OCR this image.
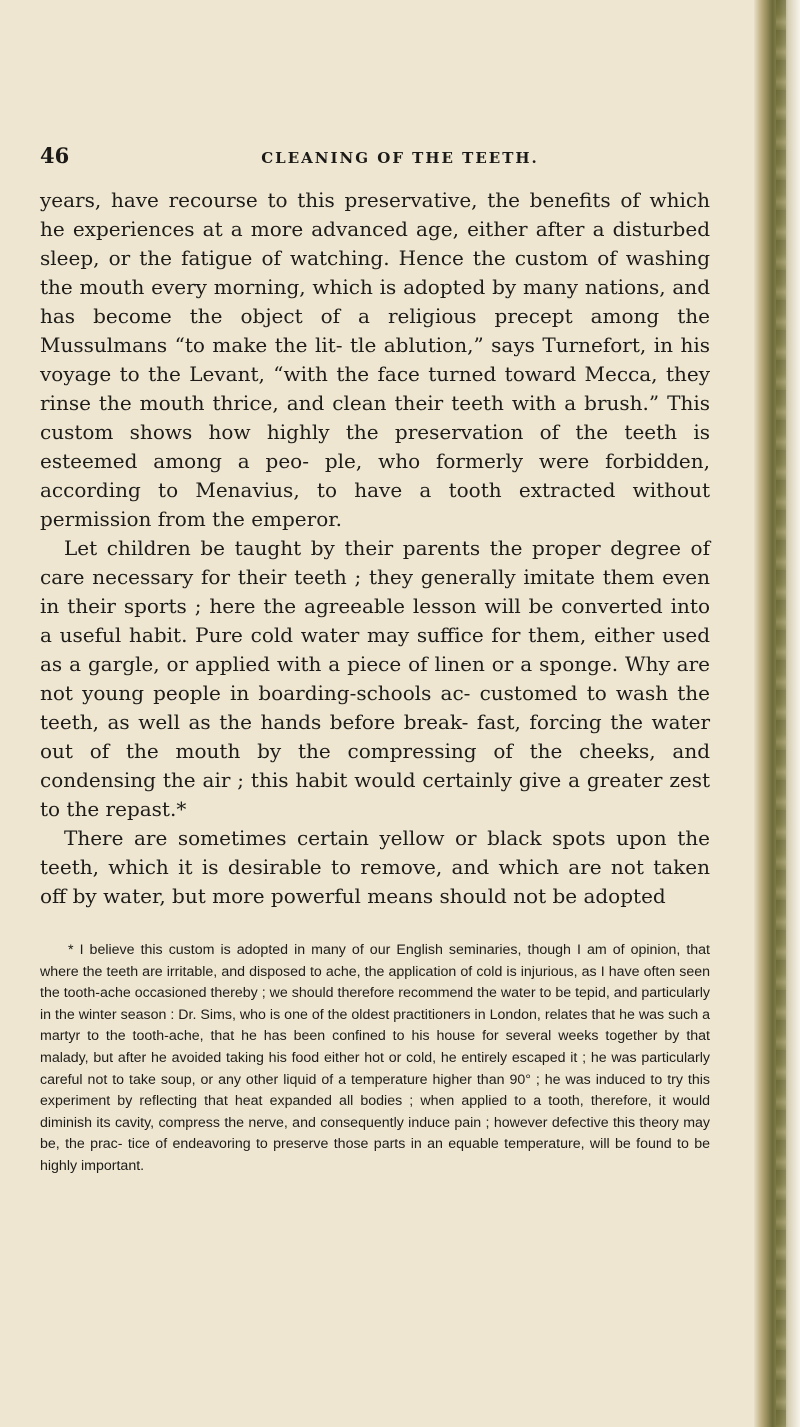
46	CLEANING OF THE TEETH.

years, have recourse to this preservative, the benefits of which he experiences at a more advanced age, either after a disturbed sleep, or the fatigue of watching. Hence the custom of washing the mouth every morning, which is adopted by many nations, and has become the object of a religious precept among the Mussulmans “to make the lit- tle ablution,” says Turnefort, in his voyage to the Levant, “with the face turned toward Mecca, they rinse the mouth thrice, and clean their teeth with a brush.” This custom shows how highly the preservation of the teeth is esteemed among a peo- ple, who formerly were forbidden, according to Menavius, to have a tooth extracted without permission from the emperor.

Let children be taught by their parents the proper degree of care necessary for their teeth ; they generally imitate them even in their sports ; here the agreeable lesson will be converted into a useful habit. Pure cold water may suffice for them, either used as a gargle, or applied with a piece of linen or a sponge. Why are not young people in boarding-schools ac- customed to wash the teeth, as well as the hands before break- fast, forcing the water out of the mouth by the compressing of the cheeks, and condensing the air ; this habit would certainly give a greater zest to the repast.*

There are sometimes certain yellow or black spots upon the teeth, which it is desirable to remove, and which are not taken off by water, but more powerful means should not be adopted

* I believe this custom is adopted in many of our English seminaries, though I am of opinion, that where the teeth are irritable, and disposed to ache, the application of cold is injurious, as I have often seen the tooth-ache occasioned thereby ; we should therefore recommend the water to be tepid, and particularly in the winter season : Dr. Sims, who is one of the oldest practitioners in London, relates that he was such a martyr to the tooth-ache, that he has been confined to his house for several weeks together by that malady, but after he avoided taking his food either hot or cold, he entirely escaped it ; he was particularly careful not to take soup, or any other liquid of a temperature higher than 90° ; he was induced to try this experiment by reflecting that heat expanded all bodies ; when applied to a tooth, therefore, it would diminish its cavity, compress the nerve, and consequently induce pain ; however defective this theory may be, the prac- tice of endeavoring to preserve those parts in an equable temperature, will be found to be highly important.
